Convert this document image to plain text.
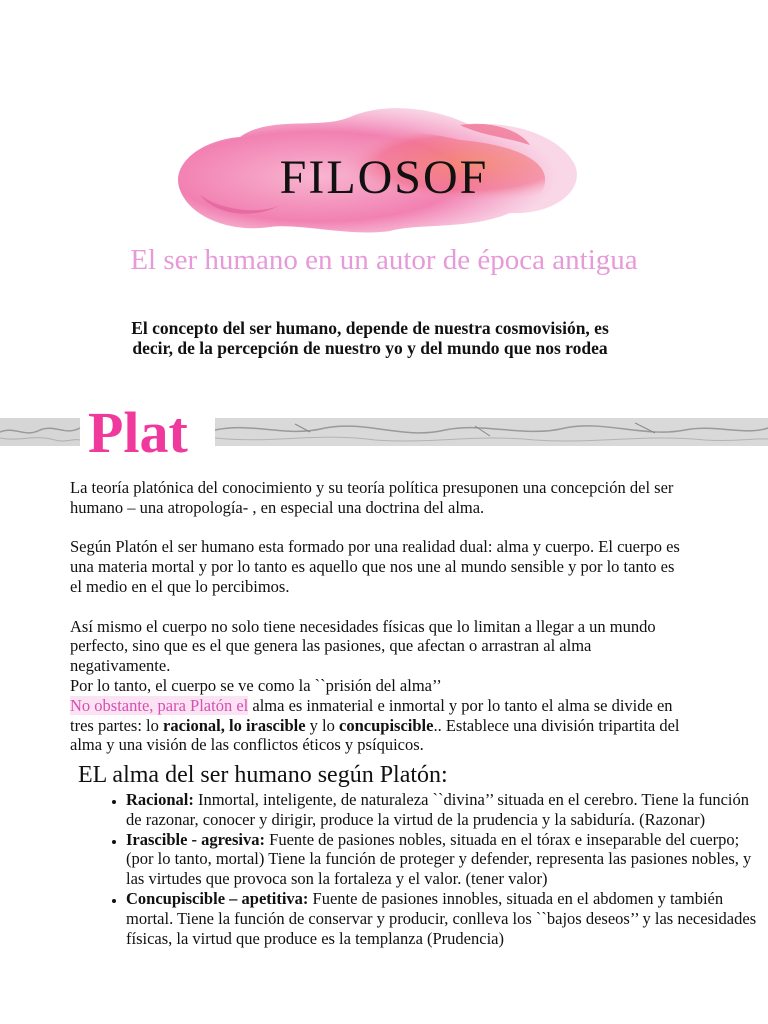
FILOSOF
El ser humano en un autor de época antigua
El concepto del ser humano, depende de nuestra cosmovisión, es decir, de la percepción de nuestro yo y del mundo que nos rodea
Plat

La teoría platónica del conocimiento y su teoría política presuponen una concepción del ser humano – una atropología- , en especial una doctrina del alma.

Según Platón el ser humano esta formado por una realidad dual: alma y cuerpo. El cuerpo es una materia mortal y por lo tanto es aquello que nos une al mundo sensible y por lo tanto es el medio en el que lo percibimos.

Así mismo el cuerpo no solo tiene necesidades físicas que lo limitan a llegar a un mundo perfecto, sino que es el que genera las pasiones, que afectan o arrastran al alma negativamente.

Por lo tanto, el cuerpo se ve como la ``prisión del alma’’

No obstante, para Platón el alma es inmaterial e inmortal y por lo tanto el alma se divide en tres partes: lo racional, lo irascible y lo concupiscible.. Establece una división tripartita del alma y una visión de las conflictos éticos y psíquicos.

EL alma del ser humano según Platón:
• Racional: Inmortal, inteligente, de naturaleza ``divina’’ situada en el cerebro. Tiene la función de razonar, conocer y dirigir, produce la virtud de la prudencia y la sabiduría. (Razonar)
• Irascible - agresiva: Fuente de pasiones nobles, situada en el tórax e inseparable del cuerpo; (por lo tanto, mortal) Tiene la función de proteger y defender, representa las pasiones nobles, y las virtudes que provoca son la fortaleza y el valor. (tener valor)
• Concupiscible – apetitiva: Fuente de pasiones innobles, situada en el abdomen y también mortal. Tiene la función de conservar y producir, conlleva los ``bajos deseos’’ y las necesidades físicas, la virtud que produce es la templanza (Prudencia)
